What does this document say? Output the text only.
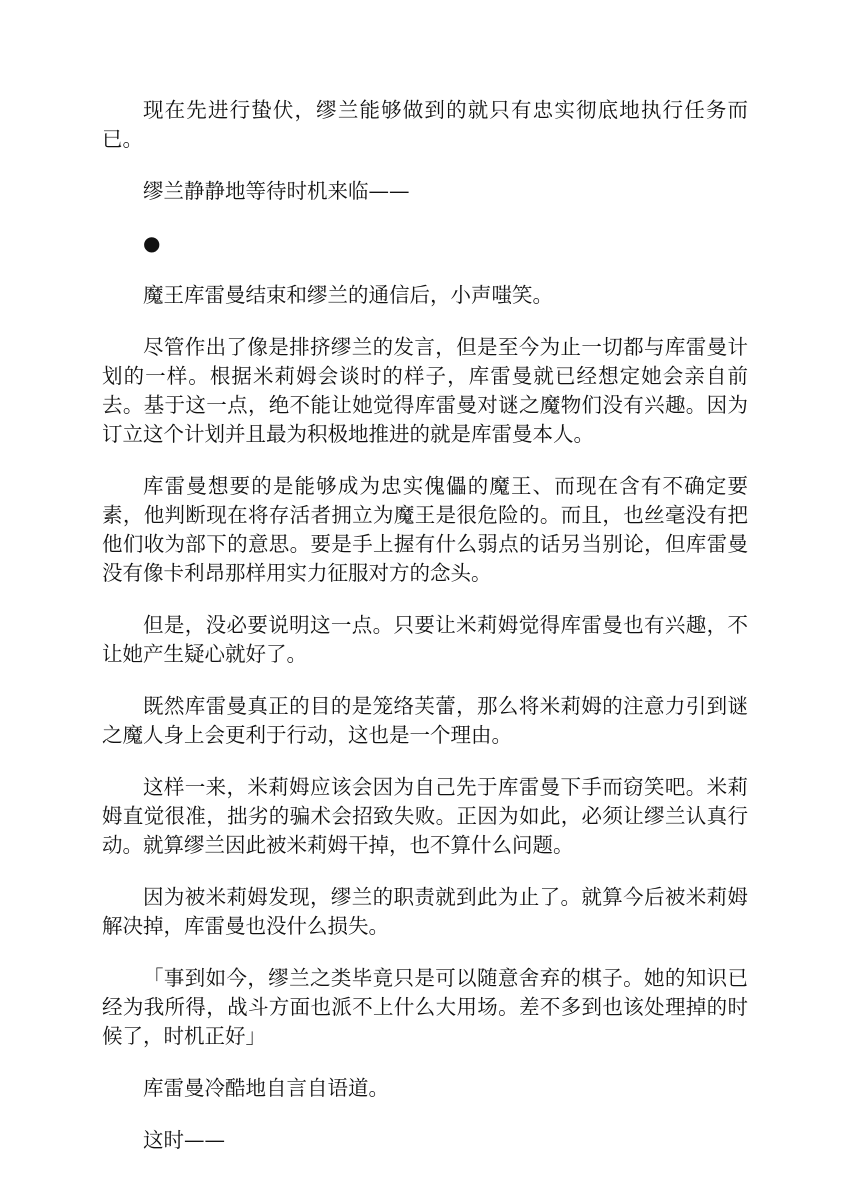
现在先进行蛰伏，缪兰能够做到的就只有忠实彻底地执行任务而已。

缪兰静静地等待时机来临——

●

魔王库雷曼结束和缪兰的通信后，小声嗤笑。

尽管作出了像是排挤缪兰的发言，但是至今为止一切都与库雷曼计划的一样。根据米莉姆会谈时的样子，库雷曼就已经想定她会亲自前去。基于这一点，绝不能让她觉得库雷曼对谜之魔物们没有兴趣。因为订立这个计划并且最为积极地推进的就是库雷曼本人。

库雷曼想要的是能够成为忠实傀儡的魔王、而现在含有不确定要素，他判断现在将存活者拥立为魔王是很危险的。而且，也丝毫没有把他们收为部下的意思。要是手上握有什么弱点的话另当别论，但库雷曼没有像卡利昂那样用实力征服对方的念头。

但是，没必要说明这一点。只要让米莉姆觉得库雷曼也有兴趣，不让她产生疑心就好了。

既然库雷曼真正的目的是笼络芙蕾，那么将米莉姆的注意力引到谜之魔人身上会更利于行动，这也是一个理由。

这样一来，米莉姆应该会因为自己先于库雷曼下手而窃笑吧。米莉姆直觉很准，拙劣的骗术会招致失败。正因为如此，必须让缪兰认真行动。就算缪兰因此被米莉姆干掉，也不算什么问题。

因为被米莉姆发现，缪兰的职责就到此为止了。就算今后被米莉姆解决掉，库雷曼也没什么损失。

「事到如今，缪兰之类毕竟只是可以随意舍弃的棋子。她的知识已经为我所得，战斗方面也派不上什么大用场。差不多到也该处理掉的时候了，时机正好」

库雷曼冷酷地自言自语道。

这时——
